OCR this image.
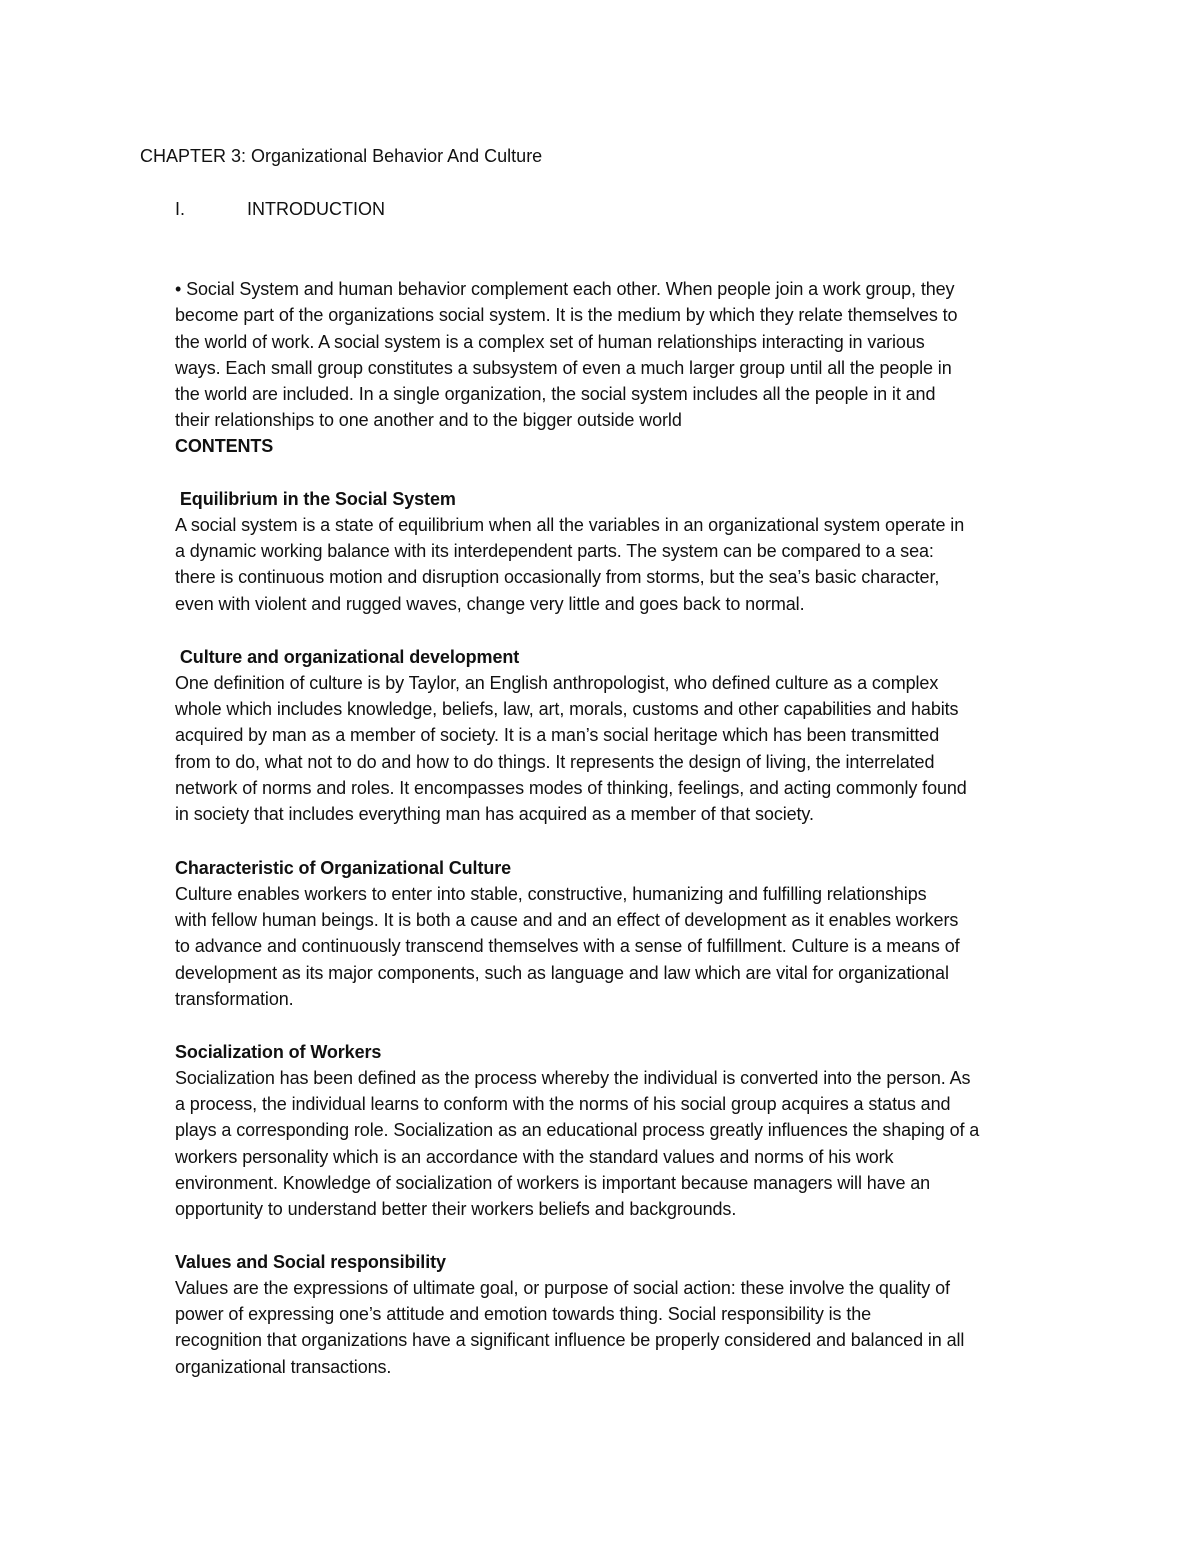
CHAPTER 3: Organizational Behavior And Culture
I.	INTRODUCTION

• Social System and human behavior complement each other. When people join a work group, they
become part of the organizations social system. It is the medium by which they relate themselves to
the world of work. A social system is a complex set of human relationships interacting in various
ways. Each small group constitutes a subsystem of even a much larger group until all the people in
the world are included. In a single organization, the social system includes all the people in it and
their relationships to one another and to the bigger outside world

CONTENTS
Equilibrium in the Social System
A social system is a state of equilibrium when all the variables in an organizational system operate in
a dynamic working balance with its interdependent parts. The system can be compared to a sea:
there is continuous motion and disruption occasionally from storms, but the sea’s basic character,
even with violent and rugged waves, change very little and goes back to normal.
Culture and organizational development
One definition of culture is by Taylor, an English anthropologist, who defined culture as a complex
whole which includes knowledge, beliefs, law, art, morals, customs and other capabilities and habits
acquired by man as a member of society. It is a man’s social heritage which has been transmitted
from to do, what not to do and how to do things. It represents the design of living, the interrelated
network of norms and roles. It encompasses modes of thinking, feelings, and acting commonly found
in society that includes everything man has acquired as a member of that society.
Characteristic of Organizational Culture
Culture enables workers to enter into stable, constructive, humanizing and fulfilling relationships
with fellow human beings. It is both a cause and and an effect of development as it enables workers
to advance and continuously transcend themselves with a sense of fulfillment. Culture is a means of
development as its major components, such as language and law which are vital for organizational
transformation.
Socialization of Workers
Socialization has been defined as the process whereby the individual is converted into the person. As
a process, the individual learns to conform with the norms of his social group acquires a status and
plays a corresponding role. Socialization as an educational process greatly influences the shaping of a
workers personality which is an accordance with the standard values and norms of his work
environment. Knowledge of socialization of workers is important because managers will have an
opportunity to understand better their workers beliefs and backgrounds.
Values and Social responsibility
Values are the expressions of ultimate goal, or purpose of social action: these involve the quality of
power of expressing one’s attitude and emotion towards thing. Social responsibility is the
recognition that organizations have a significant influence be properly considered and balanced in all
organizational transactions.
